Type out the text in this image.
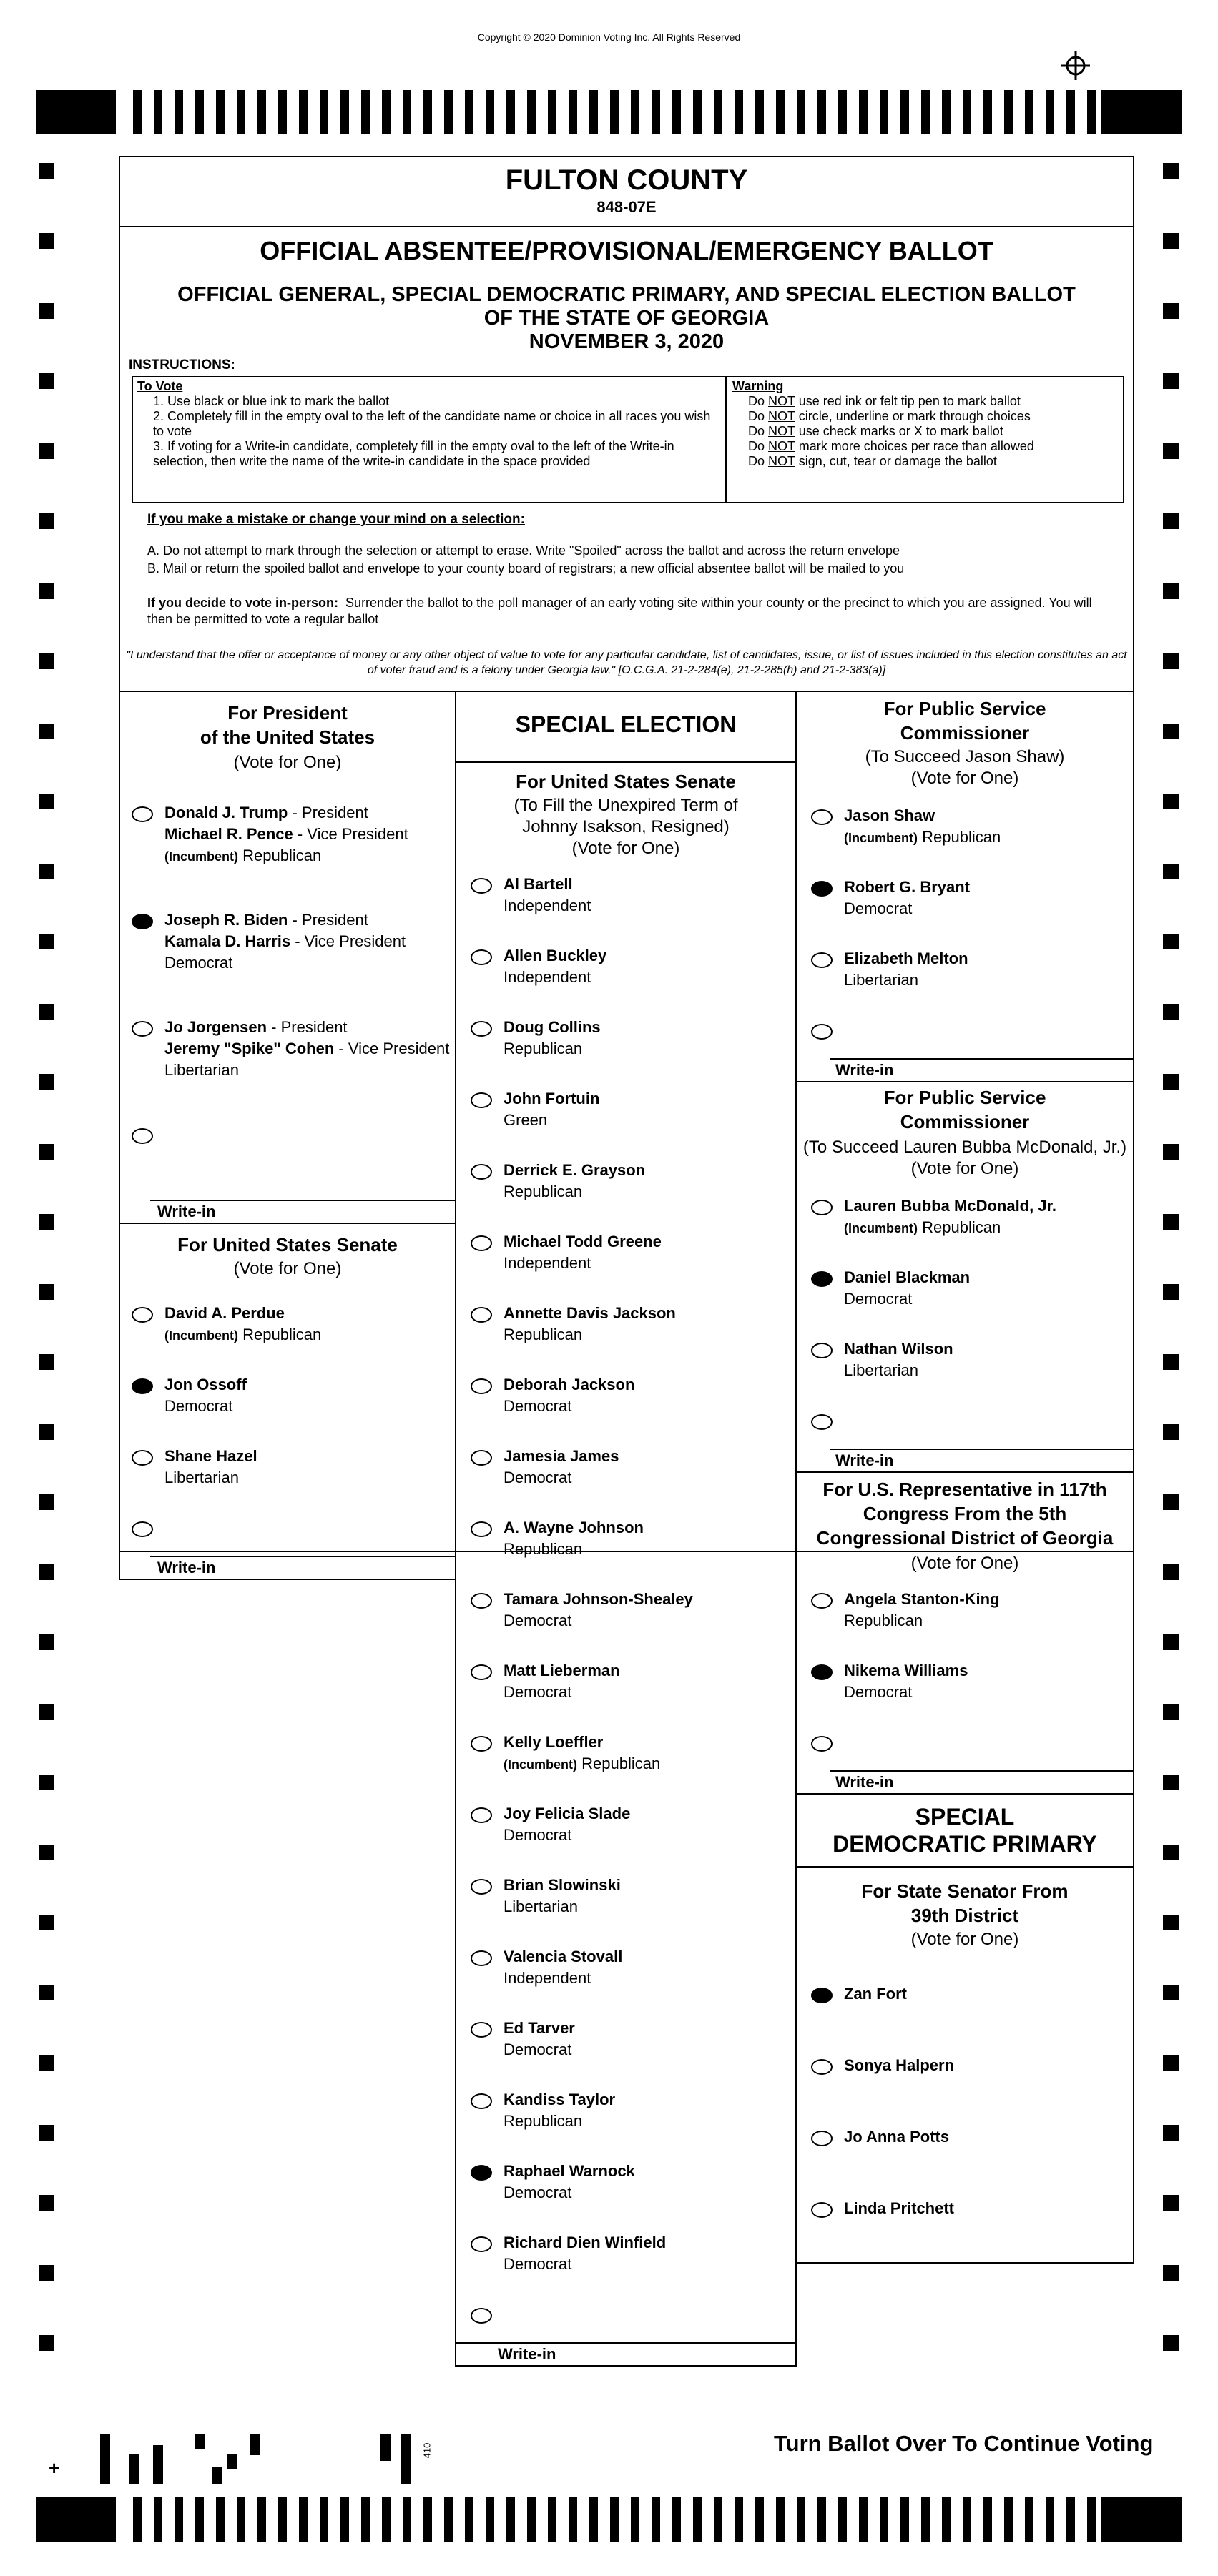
Copyright © 2020 Dominion Voting Inc. All Rights Reserved
FULTON COUNTY
848-07E
OFFICIAL ABSENTEE/PROVISIONAL/EMERGENCY BALLOT
OFFICIAL GENERAL, SPECIAL DEMOCRATIC PRIMARY, AND SPECIAL ELECTION BALLOT
OF THE STATE OF GEORGIA
NOVEMBER 3, 2020
INSTRUCTIONS:
To Vote
1. Use black or blue ink to mark the ballot
2. Completely fill in the empty oval to the left of the candidate name or choice in all races you wish to vote
3. If voting for a Write-in candidate, completely fill in the empty oval to the left of the Write-in selection, then write the name of the write-in candidate in the space provided
Warning
Do NOT use red ink or felt tip pen to mark ballot
Do NOT circle, underline or mark through choices
Do NOT use check marks or X to mark ballot
Do NOT mark more choices per race than allowed
Do NOT sign, cut, tear or damage the ballot
If you make a mistake or change your mind on a selection:
A. Do not attempt to mark through the selection or attempt to erase. Write "Spoiled" across the ballot and across the return envelope
B. Mail or return the spoiled ballot and envelope to your county board of registrars; a new official absentee ballot will be mailed to you
If you decide to vote in-person: Surrender the ballot to the poll manager of an early voting site within your county or the precinct to which you are assigned. You will then be permitted to vote a regular ballot
"I understand that the offer or acceptance of money or any other object of value to vote for any particular candidate, list of candidates, issue, or list of issues included in this election constitutes an act of voter fraud and is a felony under Georgia law." [O.C.G.A. 21-2-284(e), 21-2-285(h) and 21-2-383(a)]
For President
of the United States
(Vote for One)
Donald J. Trump - President
Michael R. Pence - Vice President
(Incumbent) Republican
Joseph R. Biden - President
Kamala D. Harris - Vice President
Democrat
Jo Jorgensen - President
Jeremy "Spike" Cohen - Vice President
Libertarian
Write-in
For United States Senate
(Vote for One)
David A. Perdue
(Incumbent) Republican
Jon Ossoff
Democrat
Shane Hazel
Libertarian
Write-in
SPECIAL ELECTION
For United States Senate
(To Fill the Unexpired Term of
Johnny Isakson, Resigned)
(Vote for One)
Al Bartell
Independent
Allen Buckley
Independent
Doug Collins
Republican
John Fortuin
Green
Derrick E. Grayson
Republican
Michael Todd Greene
Independent
Annette Davis Jackson
Republican
Deborah Jackson
Democrat
Jamesia James
Democrat
A. Wayne Johnson
Republican
Tamara Johnson-Shealey
Democrat
Matt Lieberman
Democrat
Kelly Loeffler
(Incumbent) Republican
Joy Felicia Slade
Democrat
Brian Slowinski
Libertarian
Valencia Stovall
Independent
Ed Tarver
Democrat
Kandiss Taylor
Republican
Raphael Warnock
Democrat
Richard Dien Winfield
Democrat
Write-in
For Public Service
Commissioner
(To Succeed Jason Shaw)
(Vote for One)
Jason Shaw
(Incumbent) Republican
Robert G. Bryant
Democrat
Elizabeth Melton
Libertarian
Write-in
For Public Service
Commissioner
(To Succeed Lauren Bubba McDonald, Jr.)
(Vote for One)
Lauren Bubba McDonald, Jr.
(Incumbent) Republican
Daniel Blackman
Democrat
Nathan Wilson
Libertarian
Write-in
For U.S. Representative in 117th
Congress From the 5th
Congressional District of Georgia
(Vote for One)
Angela Stanton-King
Republican
Nikema Williams
Democrat
Write-in
SPECIAL
DEMOCRATIC PRIMARY
For State Senator From
39th District
(Vote for One)
Zan Fort
Sonya Halpern
Jo Anna Potts
Linda Pritchett
+
410	Turn Ballot Over To Continue Voting
